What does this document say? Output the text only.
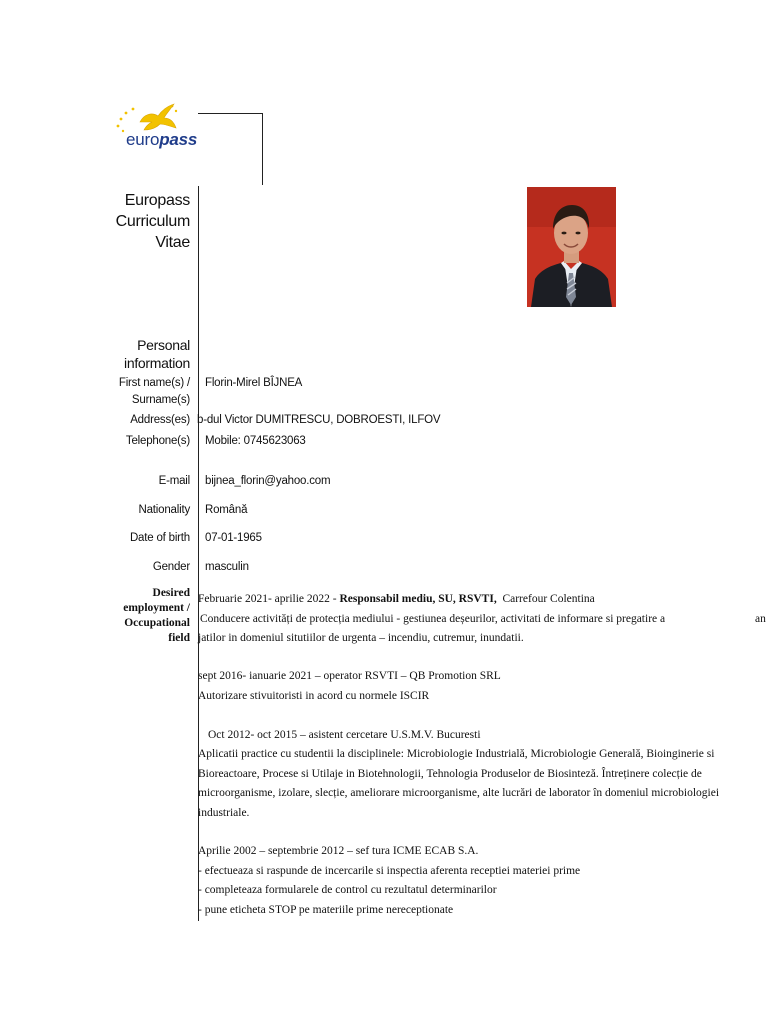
europass
Europass
Curriculum
Vitae
Personal
information
First name(s) / Florin-Mirel BÎJNEA
Surname(s)
Address(es) b-dul Victor DUMITRESCU, DOBROESTI, ILFOV
Telephone(s) Mobile: 0745623063
E-mail bijnea_florin@yahoo.com
Nationality Română
Date of birth 07-01-1965
Gender masculin
Desired
employment /
Occupational
field
Februarie 2021- aprilie 2022 - Responsabil mediu, SU, RSVTI, Carrefour Colentina
Conducere activități de protecția mediului - gestiunea deșeurilor, activitati de informare si pregatire a	an
jatilor in domeniul situtiilor de urgenta – incendiu, cutremur, inundatii.
sept 2016- ianuarie 2021 – operator RSVTI – QB Promotion SRL
Autorizare stivuitoristi in acord cu normele ISCIR
Oct 2012- oct 2015 – asistent cercetare U.S.M.V. Bucuresti
Aplicatii practice cu studentii la disciplinele: Microbiologie Industrială, Microbiologie Generală, Bioinginerie si
Bioreactoare, Procese si Utilaje in Biotehnologii, Tehnologia Produselor de Biosinteză. Întreținere colecție de
microorganisme, izolare, slecție, ameliorare microorganisme, alte lucrări de laborator în domeniul microbiologiei
industriale.
Aprilie 2002 – septembrie 2012 – sef tura ICME ECAB S.A.
- efectueaza si raspunde de incercarile si inspectia aferenta receptiei materiei prime
- completeaza formularele de control cu rezultatul determinarilor
- pune eticheta STOP pe materiile prime nereceptionate
